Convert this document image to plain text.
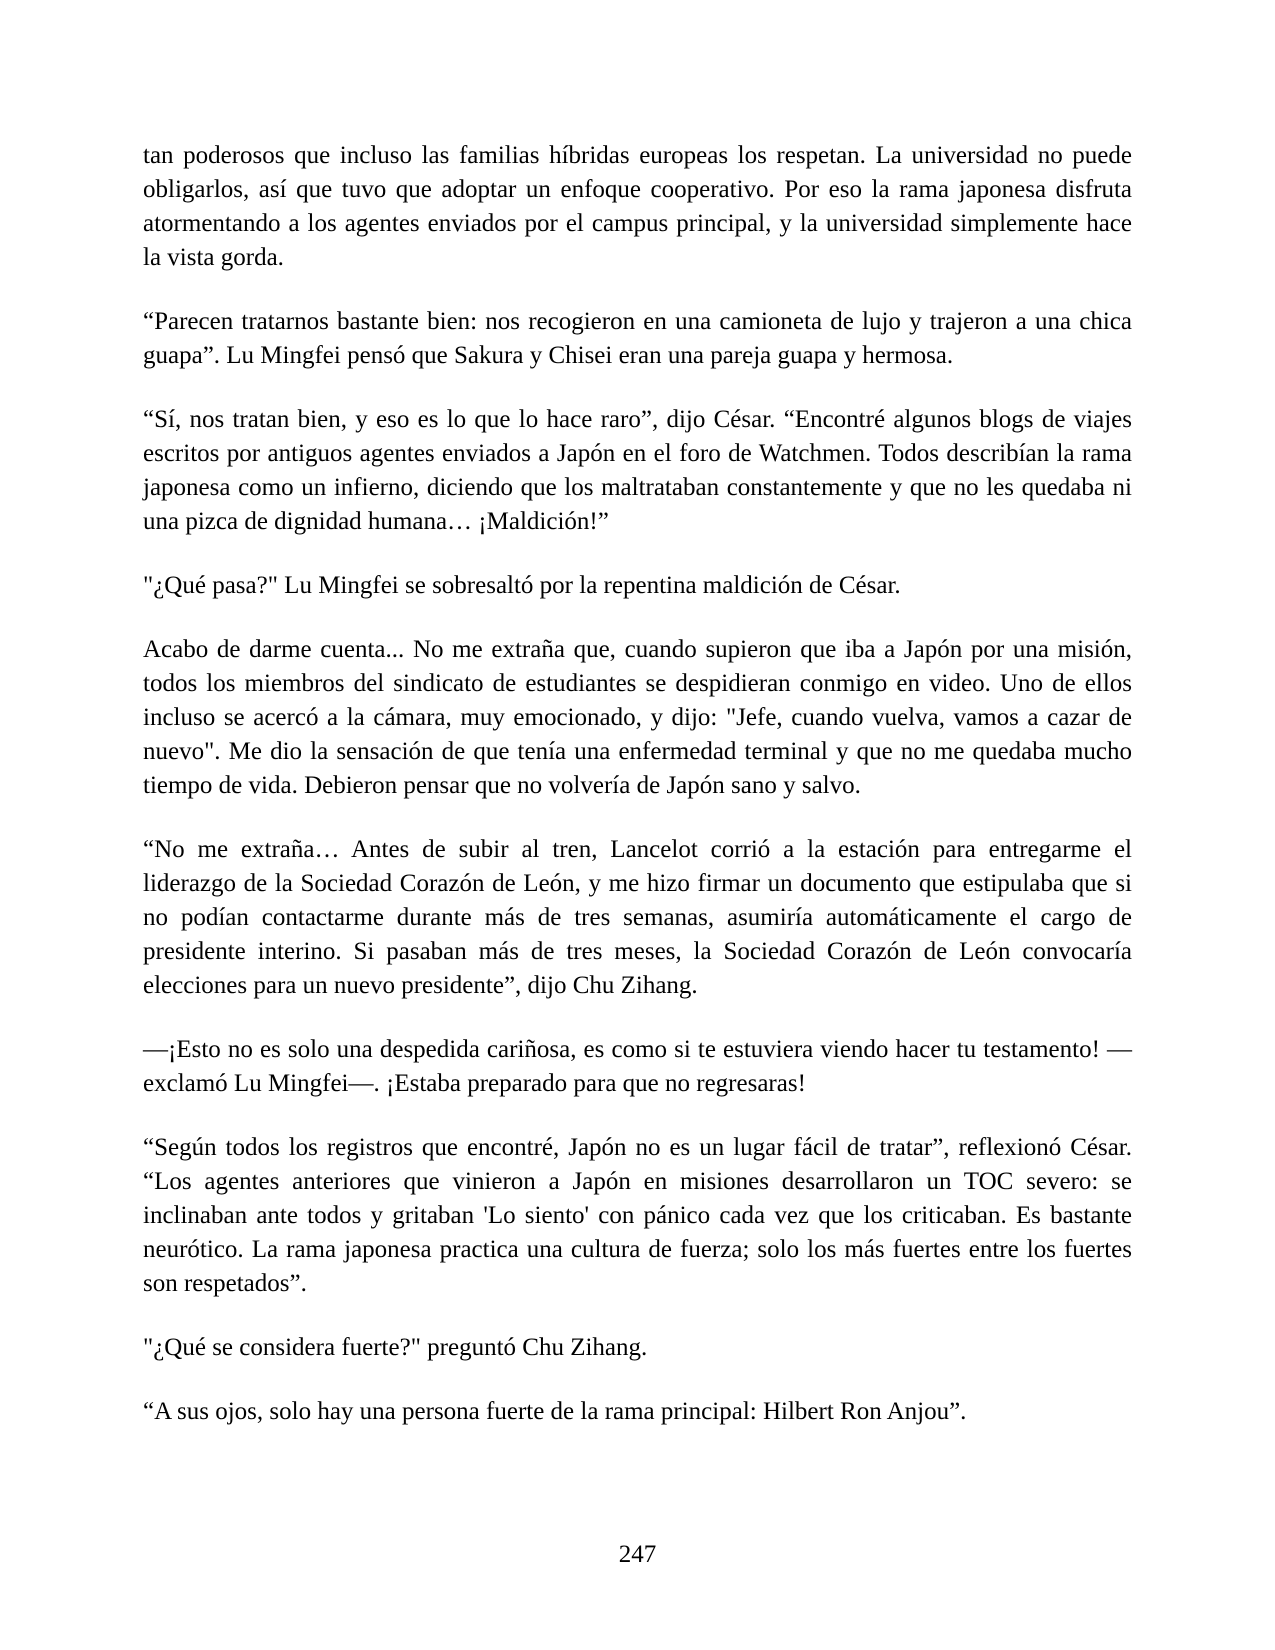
tan poderosos que incluso las familias híbridas europeas los respetan. La universidad no puede obligarlos, así que tuvo que adoptar un enfoque cooperativo. Por eso la rama japonesa disfruta atormentando a los agentes enviados por el campus principal, y la universidad simplemente hace la vista gorda.

“Parecen tratarnos bastante bien: nos recogieron en una camioneta de lujo y trajeron a una chica guapa”. Lu Mingfei pensó que Sakura y Chisei eran una pareja guapa y hermosa.

“Sí, nos tratan bien, y eso es lo que lo hace raro”, dijo César. “Encontré algunos blogs de viajes escritos por antiguos agentes enviados a Japón en el foro de Watchmen. Todos describían la rama japonesa como un infierno, diciendo que los maltrataban constantemente y que no les quedaba ni una pizca de dignidad humana… ¡Maldición!”

"¿Qué pasa?" Lu Mingfei se sobresaltó por la repentina maldición de César.

Acabo de darme cuenta... No me extraña que, cuando supieron que iba a Japón por una misión, todos los miembros del sindicato de estudiantes se despidieran conmigo en video. Uno de ellos incluso se acercó a la cámara, muy emocionado, y dijo: "Jefe, cuando vuelva, vamos a cazar de nuevo". Me dio la sensación de que tenía una enfermedad terminal y que no me quedaba mucho tiempo de vida. Debieron pensar que no volvería de Japón sano y salvo.

“No me extraña… Antes de subir al tren, Lancelot corrió a la estación para entregarme el liderazgo de la Sociedad Corazón de León, y me hizo firmar un documento que estipulaba que si no podían contactarme durante más de tres semanas, asumiría automáticamente el cargo de presidente interino. Si pasaban más de tres meses, la Sociedad Corazón de León convocaría elecciones para un nuevo presidente”, dijo Chu Zihang.

—¡Esto no es solo una despedida cariñosa, es como si te estuviera viendo hacer tu testamento! —exclamó Lu Mingfei—. ¡Estaba preparado para que no regresaras!

“Según todos los registros que encontré, Japón no es un lugar fácil de tratar”, reflexionó César. “Los agentes anteriores que vinieron a Japón en misiones desarrollaron un TOC severo: se inclinaban ante todos y gritaban 'Lo siento' con pánico cada vez que los criticaban. Es bastante neurótico. La rama japonesa practica una cultura de fuerza; solo los más fuertes entre los fuertes son respetados”.

"¿Qué se considera fuerte?" preguntó Chu Zihang.

“A sus ojos, solo hay una persona fuerte de la rama principal: Hilbert Ron Anjou”.

247
